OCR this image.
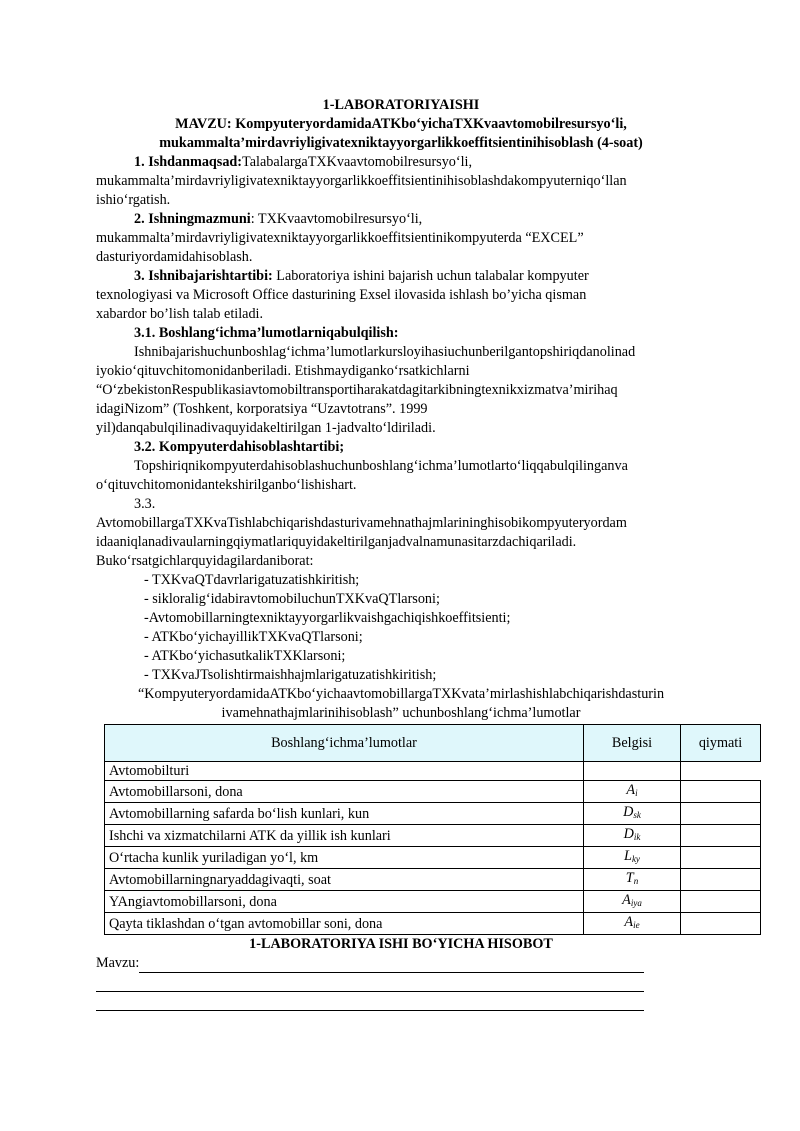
1-LABORATORIYAISHI

MAVZU: KompyuteryordamidaATKbo‘yichaTXKvaavtomobilresursyo‘li,

mukammalta’mirdavriyligivatexniktayyorgarlikkoeffitsientinihisoblash (4-soat)

1. Ishdanmaqsad:TalabalargaTXKvaavtomobilresursyo‘li,

mukammalta’mirdavriyligivatexniktayyorgarlikkoeffitsientinihisoblashdakompyuterniqo‘llan

ishio‘rgatish.

2. Ishningmazmuni: TXKvaavtomobilresursyo‘li,

mukammalta’mirdavriyligivatexniktayyorgarlikkoeffitsientinikompyuterda “EXCEL”

dasturiyordamidahisoblash.

3. Ishnibajarishtartibi: Laboratoriya ishini bajarish uchun talabalar kompyuter

texnologiyasi va Microsoft Office dasturining Exsel ilovasida ishlash bo’yicha qisman

xabardor bo’lish talab etiladi.

3.1. Boshlang‘ichma’lumotlarniqabulqilish:

Ishnibajarishuchunboshlag‘ichma’lumotlarkursloyihasiuchunberilgantopshiriqdanolinad

iyokio‘qituvchitomonidanberiladi. Etishmaydiganko‘rsatkichlarni

“O‘zbekistonRespublikasiavtomobiltransportiharakatdagitarkibningtexnikxizmatva’mirihaq

idagiNizom” (Toshkent, korporatsiya “Uzavtotrans”. 1999

yil)danqabulqilinadivaquyidakeltirilgan 1-jadvalto‘ldiriladi.

3.2. Kompyuterdahisoblashtartibi;

Topshiriqnikompyuterdahisoblashuchunboshlang‘ichma’lumotlarto‘liqqabulqilinganva

o‘qituvchitomonidantekshirilganbo‘lishishart.

3.3.

AvtomobillargaTXKvaTishlabchiqarishdasturivamehnathajmlarininghisobikompyuteryordam

idaaniqlanadivaularningqiymatlariquyidakeltirilganjadvalnamunasitarzdachiqariladi.

Buko‘rsatgichlarquyidagilardaniborat:

- TXKvaQTdavrlarigatuzatishkiritish;

- sikloralig‘idabiravtomobiluchunTXKvaQTlarsoni;

-Avtomobillarningtexniktayyorgarlikvaishgachiqishkoeffitsienti;

- ATKbo‘yichayillikTXKvaQTlarsoni;

- ATKbo‘yichasutkalikTXKlarsoni;

- TXKvaJTsolishtirmaishhajmlarigatuzatishkiritish;

“KompyuteryordamidaATKbo‘yichaavtomobillargaTXKvata’mirlashishlabchiqarishdasturin

ivamehnathajmlarinihisoblash” uchunboshlang‘ichma’lumotlar

Boshlang‘ichma’lumotlar	Belgisi	qiymati
Avtomobilturi		
Avtomobillarsoni, dona	$A_i$	
Avtomobillarning safarda bo‘lish kunlari, kun	$D_{sk}$	
Ishchi va xizmatchilarni ATK da yillik ish kunlari	$D_{ik}$	
O‘rtacha kunlik yuriladigan yo‘l, km	$L_{ky}$	
Avtomobillarningnaryaddagivaqti, soat	$T_n$	
YAngiavtomobillarsoni, dona	$A_{iya}$	
Qayta tiklashdan o‘tgan avtomobillar soni, dona	$A_{ie}$	

1-LABORATORIYA ISHI BO‘YICHA HISOBOT

Mavzu:
